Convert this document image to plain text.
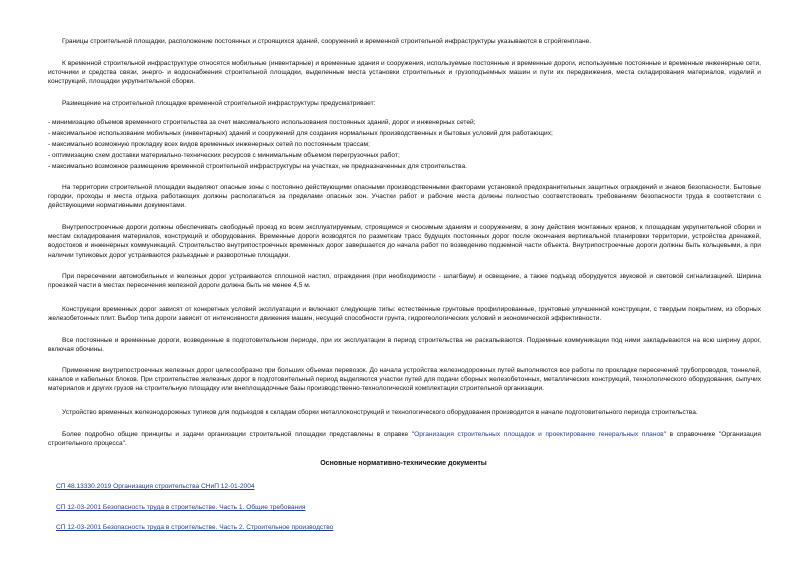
Границы строительной площадки, расположение постоянных и строящихся зданий, сооружений и временной строительной инфраструктуры указываются в стройгенплане.

К временной строительной инфраструктуре относятся мобильные (инвентарные) и временные здания и сооружения, используемые постоянные и временные дороги, используемые постоянные и временные инженерные сети, источники и средства связи, энерго- и водоснабжения строительной площадки, выделенные места установки строительных и грузоподъемных машин и пути их передвижения, места складирования материалов, изделий и конструкций, площадки укрупнительной сборки.

Размещение на строительной площадке временной строительной инфраструктуры предусматривает:

- минимизацию объемов временного строительства за счет максимального использования постоянных зданий, дорог и инженерных сетей;
- максимальное использование мобильных (инвентарных) зданий и сооружений для создания нормальных производственных и бытовых условий для работающих;
- максимально возможную прокладку всех видов временных инженерных сетей по постоянным трассам;
- оптимизацию схем доставки материально-технических ресурсов с минимальным объемом перегрузочных работ;
- максимально возможное размещение временной строительной инфраструктуры на участках, не предназначенных для строительства.

На территории строительной площадки выделяют опасные зоны с постоянно действующими опасными производственными факторами установкой предохранительных защитных ограждений и знаков безопасности. Бытовые городки, проходы и места отдыха работающих должны располагаться за пределами опасных зон. Участки работ и рабочие места должны полностью соответствовать требованиям безопасности труда в соответствии с действующими нормативными документами.

Внутрипостроечные дороги должны обеспечивать свободный проезд ко всем эксплуатируемым, строящимся и сносимым зданиям и сооружениям, в зону действия монтажных кранов, к площадкам укрупнительной сборки и местам складирования материалов, конструкций и оборудования. Временные дороги возводятся по разметкам трасс будущих постоянных дорог после окончания вертикальной планировки территории, устройства дренажей, водостоков и инженерных коммуникаций. Строительство внутрипостроечных временных дорог завершается до начала работ по возведению подземной части объекта. Внутрипостроечные дороги должны быть кольцевыми, а при наличии тупиковых дорог устраиваются разъездные и разворотные площадки.

При пересечении автомобильных и железных дорог устраиваются сплошной настил, ограждения (при необходимости - шлагбаум) и освещение, а также подъезд оборудуется звуковой и световой сигнализацией. Ширина проезжей части в местах пересечения железной дороги должна быть не менее 4,5 м.

Конструкции временных дорог зависят от конкретных условий эксплуатации и включают следующие типы: естественные грунтовые профилированные, грунтовые улучшенной конструкции, с твердым покрытием, из сборных железобетонных плит. Выбор типа дороги зависит от интенсивности движения машин, несущей способности грунта, гидрогеологических условий и экономической эффективности.

Все постоянные и временные дороги, возведенные в подготовительном периоде, при их эксплуатации в период строительства не раскапываются. Подземные коммуникации под ними закладываются на всю ширину дорог, включая обочины.

Применение внутрипостроечных железных дорог целесообразно при больших объемах перевозок. До начала устройства железнодорожных путей выполняются все работы по прокладке пересечений трубопроводов, тоннелей, каналов и кабельных блоков. При строительстве железных дорог в подготовительный период выделяются участки путей для подачи сборных железобетонных, металлических конструкций, технологического оборудования, сыпучих материалов и других грузов на строительную площадку или внеплощадочные базы производственно-технологической комплектации строительной организации.

Устройство временных железнодорожных тупиков для подъездов к складам сборки металлоконструкций и технологического оборудования производится в начале подготовительного периода строительства.

Более подробно общие принципы и задачи организации строительной площадки представлены в справке "Организация строительных площадок и проектирование генеральных планов" в справочнике "Организация строительного процесса".

Основные нормативно-технические документы
СП 48.13330.2019 Организация строительства СНиП 12-01-2004
СП 12-03-2001 Безопасность труда в строительстве. Часть 1. Общие требования
СП 12-03-2001 Безопасность труда в строительстве. Часть 2. Строительное производство
